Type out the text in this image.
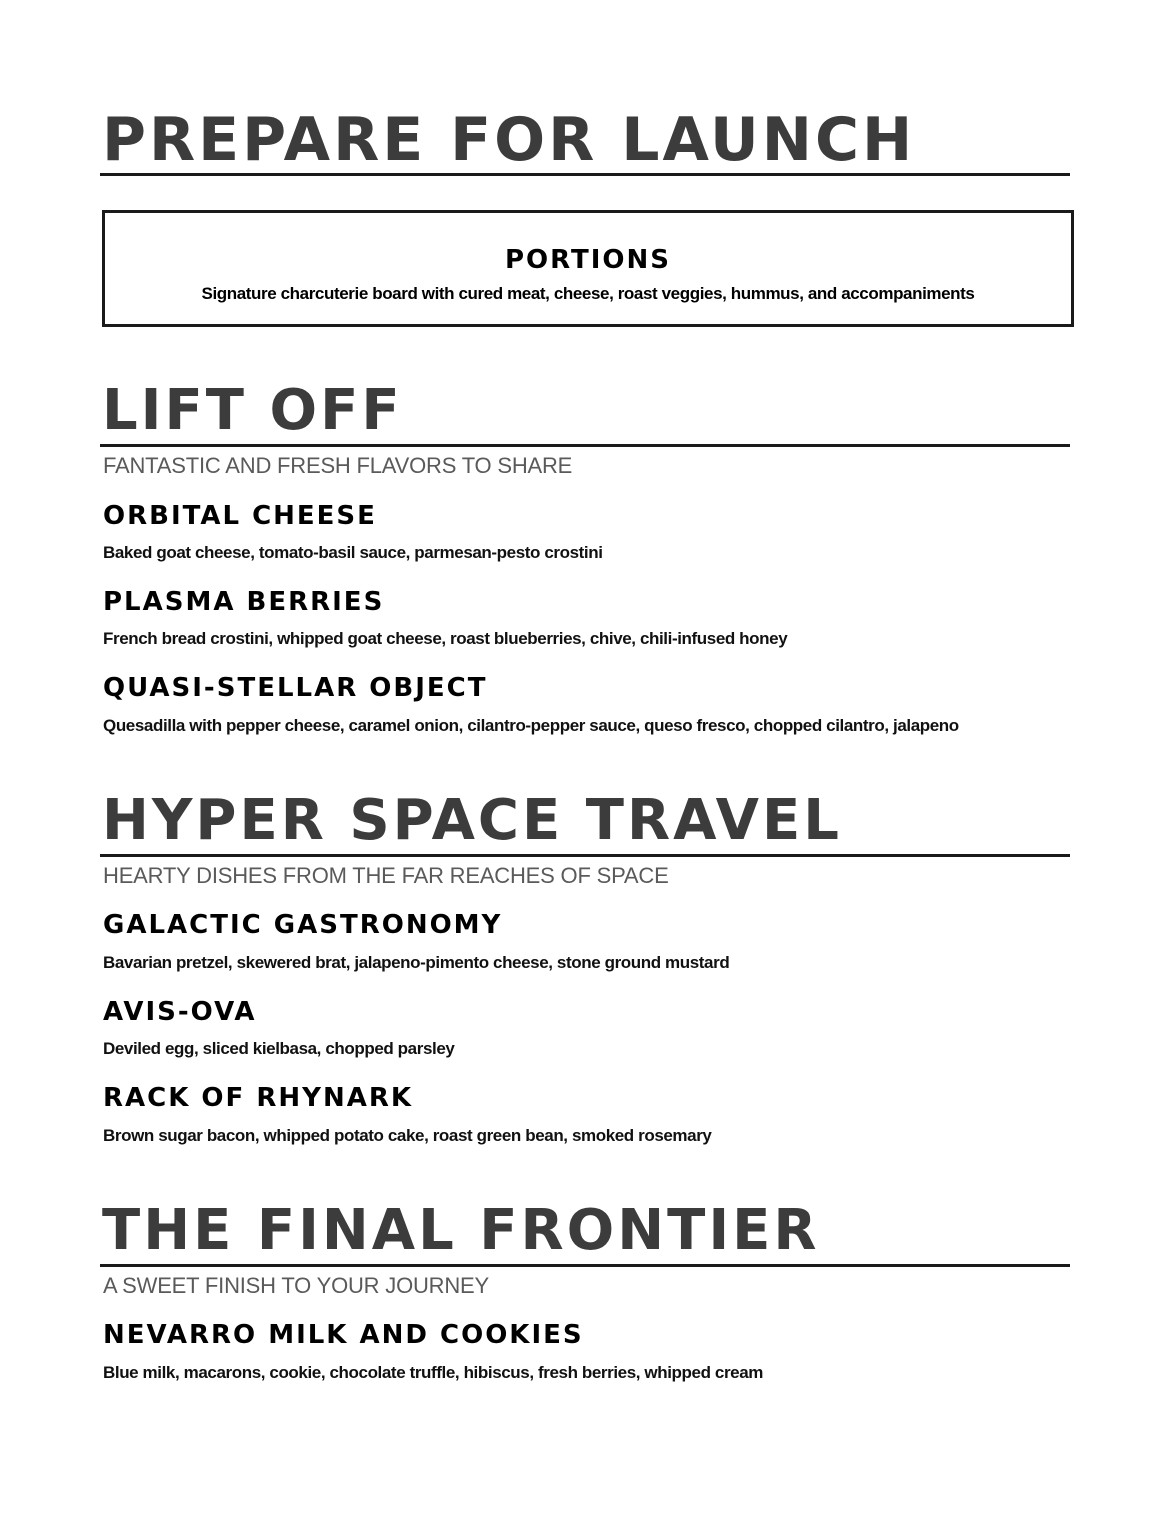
PREPARE FOR LAUNCH
PORTIONS
Signature charcuterie board with cured meat, cheese, roast veggies, hummus, and accompaniments
LIFT OFF
FANTASTIC AND FRESH FLAVORS TO SHARE
ORBITAL CHEESE
Baked goat cheese, tomato-basil sauce, parmesan-pesto crostini
PLASMA BERRIES
French bread crostini, whipped goat cheese, roast blueberries, chive, chili-infused honey
QUASI-STELLAR OBJECT
Quesadilla with pepper cheese, caramel onion, cilantro-pepper sauce, queso fresco, chopped cilantro, jalapeno
HYPER SPACE TRAVEL
HEARTY DISHES FROM THE FAR REACHES OF SPACE
GALACTIC GASTRONOMY
Bavarian pretzel, skewered brat, jalapeno-pimento cheese, stone ground mustard
AVIS-OVA
Deviled egg, sliced kielbasa, chopped parsley
RACK OF RHYNARK
Brown sugar bacon, whipped potato cake, roast green bean, smoked rosemary
THE FINAL FRONTIER
A SWEET FINISH TO YOUR JOURNEY
NEVARRO MILK AND COOKIES
Blue milk, macarons, cookie, chocolate truffle, hibiscus, fresh berries, whipped cream
